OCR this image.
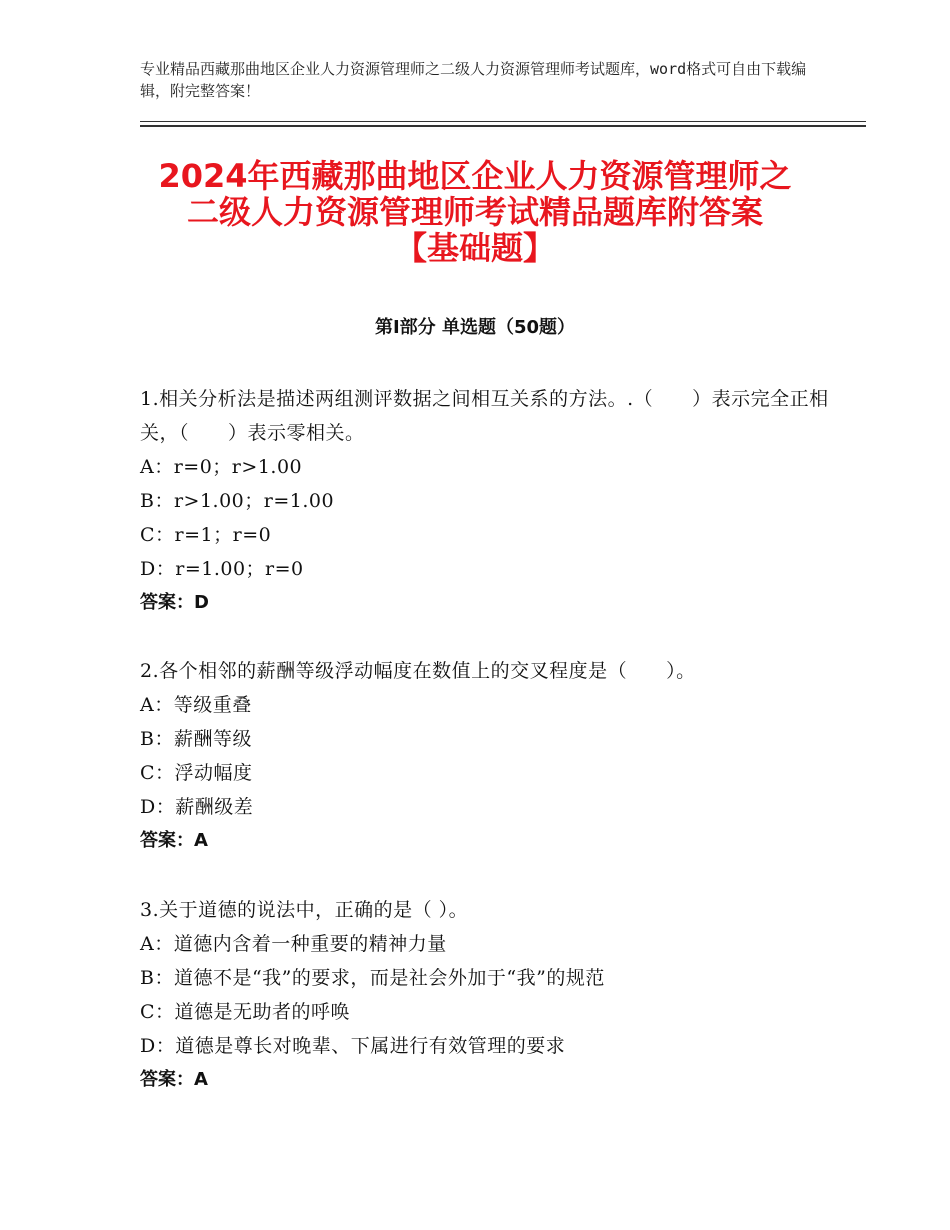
专业精品西藏那曲地区企业人力资源管理师之二级人力资源管理师考试题库，word格式可自由下载编辑，附完整答案！
2024年西藏那曲地区企业人力资源管理师之
二级人力资源管理师考试精品题库附答案
【基础题】
第Ⅰ部分 单选题（50题）

1.相关分析法是描述两组测评数据之间相互关系的方法。.（　　）表示完全正相关，（　　）表示零相关。

A：r=0；r>1.00

B：r>1.00；r=1.00

C：r=1；r=0

D：r=1.00；r=0

答案：D

2.各个相邻的薪酬等级浮动幅度在数值上的交叉程度是（　　）。

A：等级重叠

B：薪酬等级

C：浮动幅度

D：薪酬级差

答案：A

3.关于道德的说法中，正确的是（ ）。

A：道德内含着一种重要的精神力量

B：道德不是“我”的要求，而是社会外加于“我”的规范

C：道德是无助者的呼唤

D：道德是尊长对晚辈、下属进行有效管理的要求

答案：A
